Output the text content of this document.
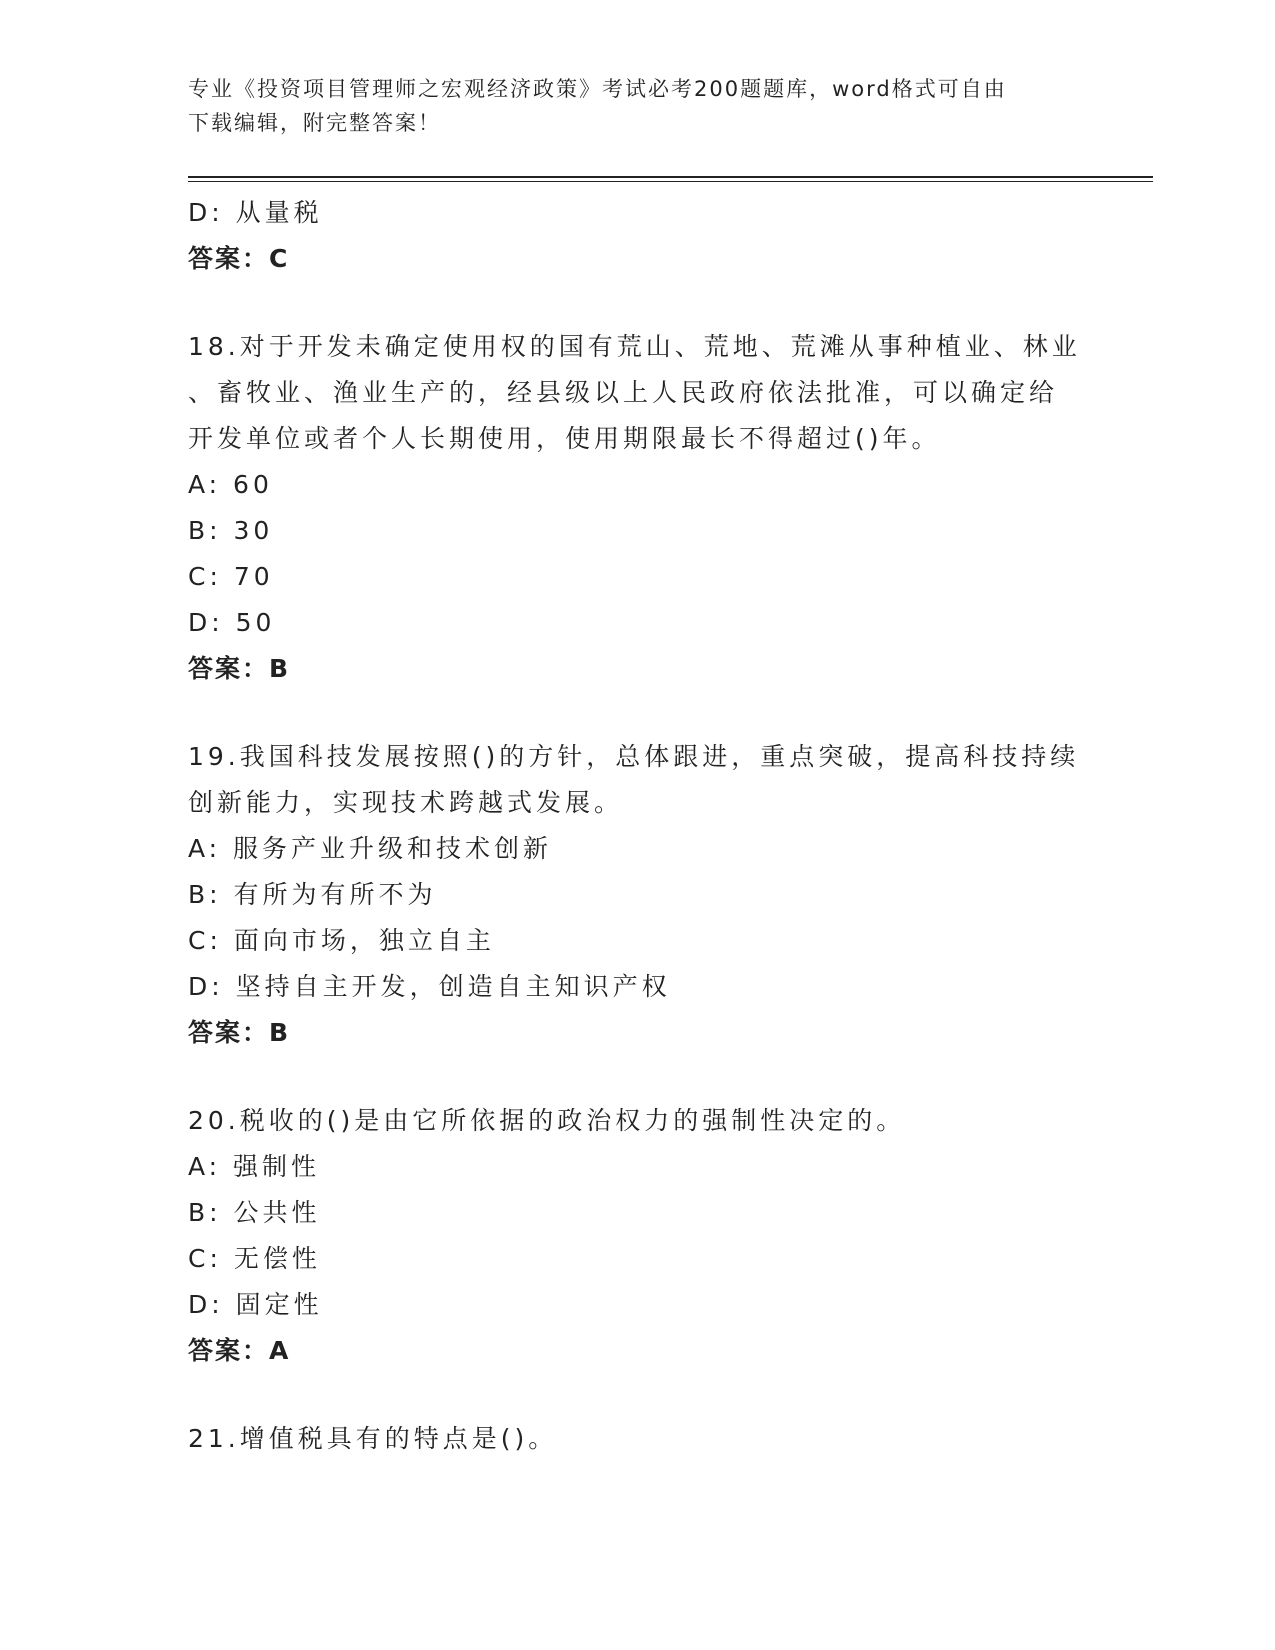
专业《投资项目管理师之宏观经济政策》考试必考200题题库，word格式可自由
下载编辑，附完整答案！
D: 从量税
答案：C
18.对于开发未确定使用权的国有荒山、荒地、荒滩从事种植业、林业
、畜牧业、渔业生产的，经县级以上人民政府依法批准，可以确定给
开发单位或者个人长期使用，使用期限最长不得超过()年。
A: 60
B: 30
C: 70
D: 50
答案：B
19.我国科技发展按照()的方针，总体跟进，重点突破，提高科技持续
创新能力，实现技术跨越式发展。
A: 服务产业升级和技术创新
B: 有所为有所不为
C: 面向市场，独立自主
D: 坚持自主开发，创造自主知识产权
答案：B
20.税收的()是由它所依据的政治权力的强制性决定的。
A: 强制性
B: 公共性
C: 无偿性
D: 固定性
答案：A
21.增值税具有的特点是()。
